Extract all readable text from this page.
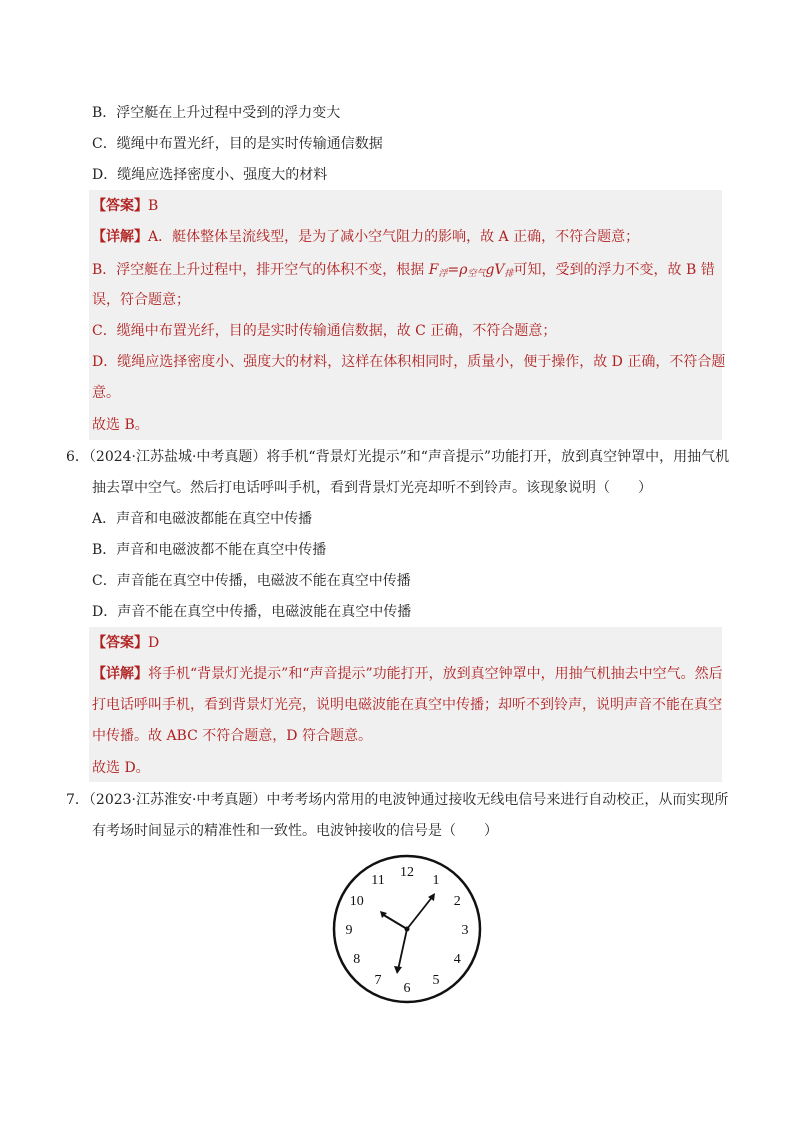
B．浮空艇在上升过程中受到的浮力变大
C．缆绳中布置光纤，目的是实时传输通信数据
D．缆绳应选择密度小、强度大的材料
【答案】B
【详解】A．艇体整体呈流线型，是为了减小空气阻力的影响，故 A 正确，不符合题意；
B．浮空艇在上升过程中，排开空气的体积不变，根据 $F_浮=\rho_{空气}gV_排$可知，受到的浮力不变，故 B 错
误，符合题意；
C．缆绳中布置光纤，目的是实时传输通信数据，故 C 正确，不符合题意；
D．缆绳应选择密度小、强度大的材料，这样在体积相同时，质量小，便于操作，故 D 正确，不符合题
意。
故选 B。
6．（2024·江苏盐城·中考真题）将手机“背景灯光提示”和“声音提示”功能打开，放到真空钟罩中，用抽气机
抽去罩中空气。然后打电话呼叫手机，看到背景灯光亮却听不到铃声。该现象说明（　　）
A．声音和电磁波都能在真空中传播
B．声音和电磁波都不能在真空中传播
C．声音能在真空中传播，电磁波不能在真空中传播
D．声音不能在真空中传播，电磁波能在真空中传播
【答案】D
【详解】将手机“背景灯光提示”和“声音提示”功能打开，放到真空钟罩中，用抽气机抽去中空气。然后
打电话呼叫手机，看到背景灯光亮，说明电磁波能在真空中传播；却听不到铃声，说明声音不能在真空
中传播。故 ABC 不符合题意，D 符合题意。
故选 D。
7．（2023·江苏淮安·中考真题）中考考场内常用的电波钟通过接收无线电信号来进行自动校正，从而实现所
有考场时间显示的精准性和一致性。电波钟接收的信号是（　　）
12
1
2
3
4
5
6
7
8
9
10
11
